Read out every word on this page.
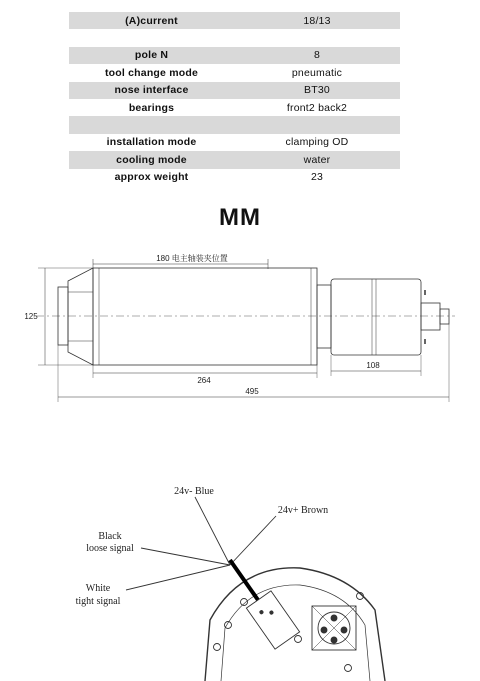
(A)current	18/13
pole N	8
tool change mode	pneumatic
nose interface	BT30
bearings	front2 back2
installation mode	clamping OD
cooling mode	water
approx weight	23
MM
180 电主轴装夹位置
125
264
108
495
24v- Blue
24v+ Brown
Black
loose signal
White
tight signal
